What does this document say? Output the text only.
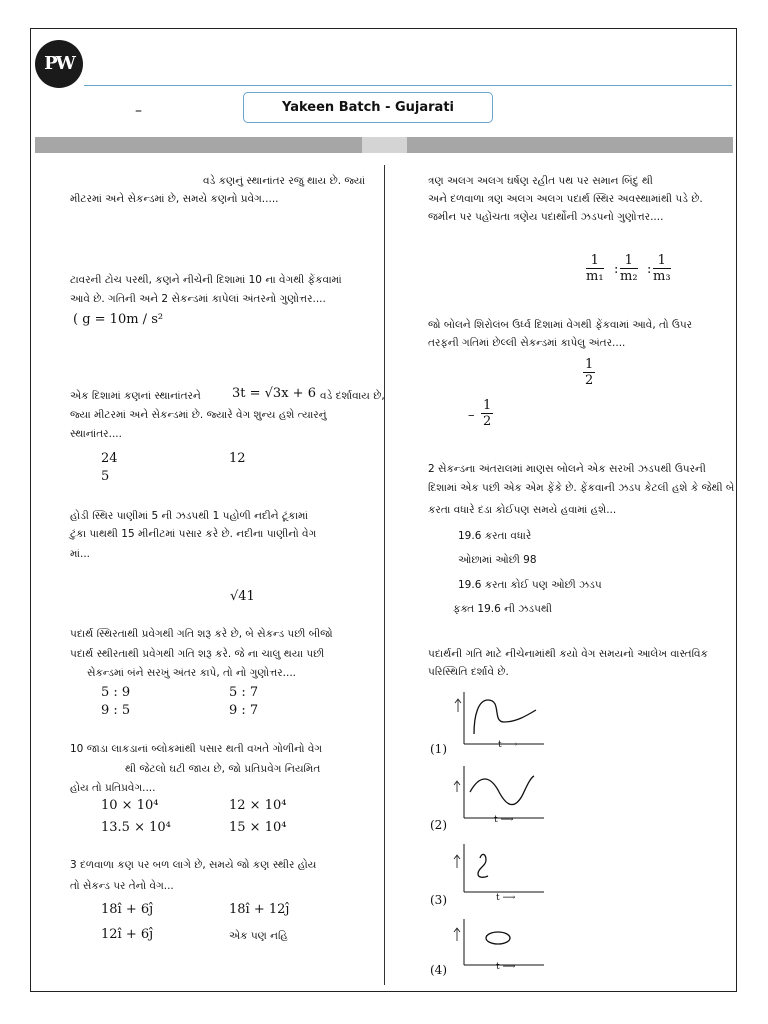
PW
–	Yakeen Batch - Gujarati
વડે કણનું સ્થાનાંતર રજુ થાય છે. જ્યાં
મીટરમાં અને સેકન્ડમાં છે, સમયે કણનો પ્રવેગ.....
ટાવરની ટોચ પરથી, કણને નીચેની દિશામાં 10 ના વેગથી ફેંકવામાં
આવે છે. ગતિની અને 2 સેકન્ડમાં કાપેલાં અંતરનો ગુણોત્તર....
( g = 10m / s²
એક દિશામાં કણનાં સ્થાનાંતરને 3t = √3x + 6 વડે દર્શાવાય છે,
જ્યા મીટરમાં અને સેકન્ડમાં છે. જ્યારે વેગ શુન્ય હશે ત્યારનું
સ્થાનાંતર....
24	12
5
હોડી સ્થિર પાણીમાં 5 ની ઝડપથી 1 પહોળી નદીને ટૂંકામાં
ટુંકા પાથથી 15 મીનીટમાં પસાર કરે છે. નદીના પાણીનો વેગ
માં...
√41
પદાર્થ સ્થિરતાથી પ્રવેગથી ગતિ શરૂ કરે છે, બે સેકન્ડ પછી બીજો
પદાર્થ સ્થીરતાથી પ્રવેગથી ગતિ શરૂ કરે. જે ના ચાલુ થયા પછી
સેકન્ડમાં બંને સરખું અંતર કાપે, તો નો ગુણોત્તર....
5 : 9	5 : 7
9 : 5	9 : 7
10 જાડા લાકડાનાં બ્લોકમાંથી પસાર થતી વખતે ગોળીનો વેગ
થી જેટલો ઘટી જાય છે, જો પ્રતિપ્રવેગ નિયમિત
હોય તો પ્રતિપ્રવેગ....
10 × 10⁴	12 × 10⁴
13.5 × 10⁴	15 × 10⁴
3 દળવાળા કણ પર બળ લાગે છે, સમયે જો કણ સ્થીર હોય
તો સેકન્ડ પર તેનો વેગ...
18î + 6ĵ	18î + 12ĵ
12î + 6ĵ	એક પણ નહિ
ત્રણ અલગ અલગ ઘર્ષણ રહીત પથ પર સમાન બિંદુ થી
અને દળવાળા ત્રણ અલગ અલગ પદાર્થ સ્થિર અવસ્થામાંથી પડે છે.
જમીન પર પહોંચતા ત્રણેય પદાર્થોની ઝડપનો ગુણોત્તર....
$\frac{1}{\text{m₁}}$ : $\frac{1}{\text{m₂}}$ : $\frac{1}{\text{m₃}}$
જો બોલને શિરોલંબ ઉર્ધ્વ દિશામાં વેગથી ફેંકવામાં આવે, તો ઉપર
તરફની ગતિમાં છેલ્લી સેકન્ડમાં કાપેલુ અંતર....
$\frac{1}{2}$
– $\frac{1}{2}$
2 સેકન્ડના અંતરાલમાં માણસ બોલને એક સરખી ઝડપથી ઉપરની
દિશામાં એક પછી એક એમ ફેંકે છે. ફેંકવાની ઝડપ કેટલી હશે કે જેથી બે
કરતા વધારે દડા કોઈપણ સમયે હવામાં હશે...
19.6 કરતા વધારે
ઓછામાં ઓછી 98
19.6 કરતા કોઈ પણ ઓછી ઝડપ
ફક્ત 19.6 ની ઝડપથી
પદાર્થની ગતિ માટે નીચેનામાંથી કયો વેગ સમયનો આલેખ વાસ્તવિક
પરિસ્થિતિ દર્શાવે છે.
(1)	t ⟶
(2)	t ⟶
(3)	t ⟶
(4)	t ⟶
